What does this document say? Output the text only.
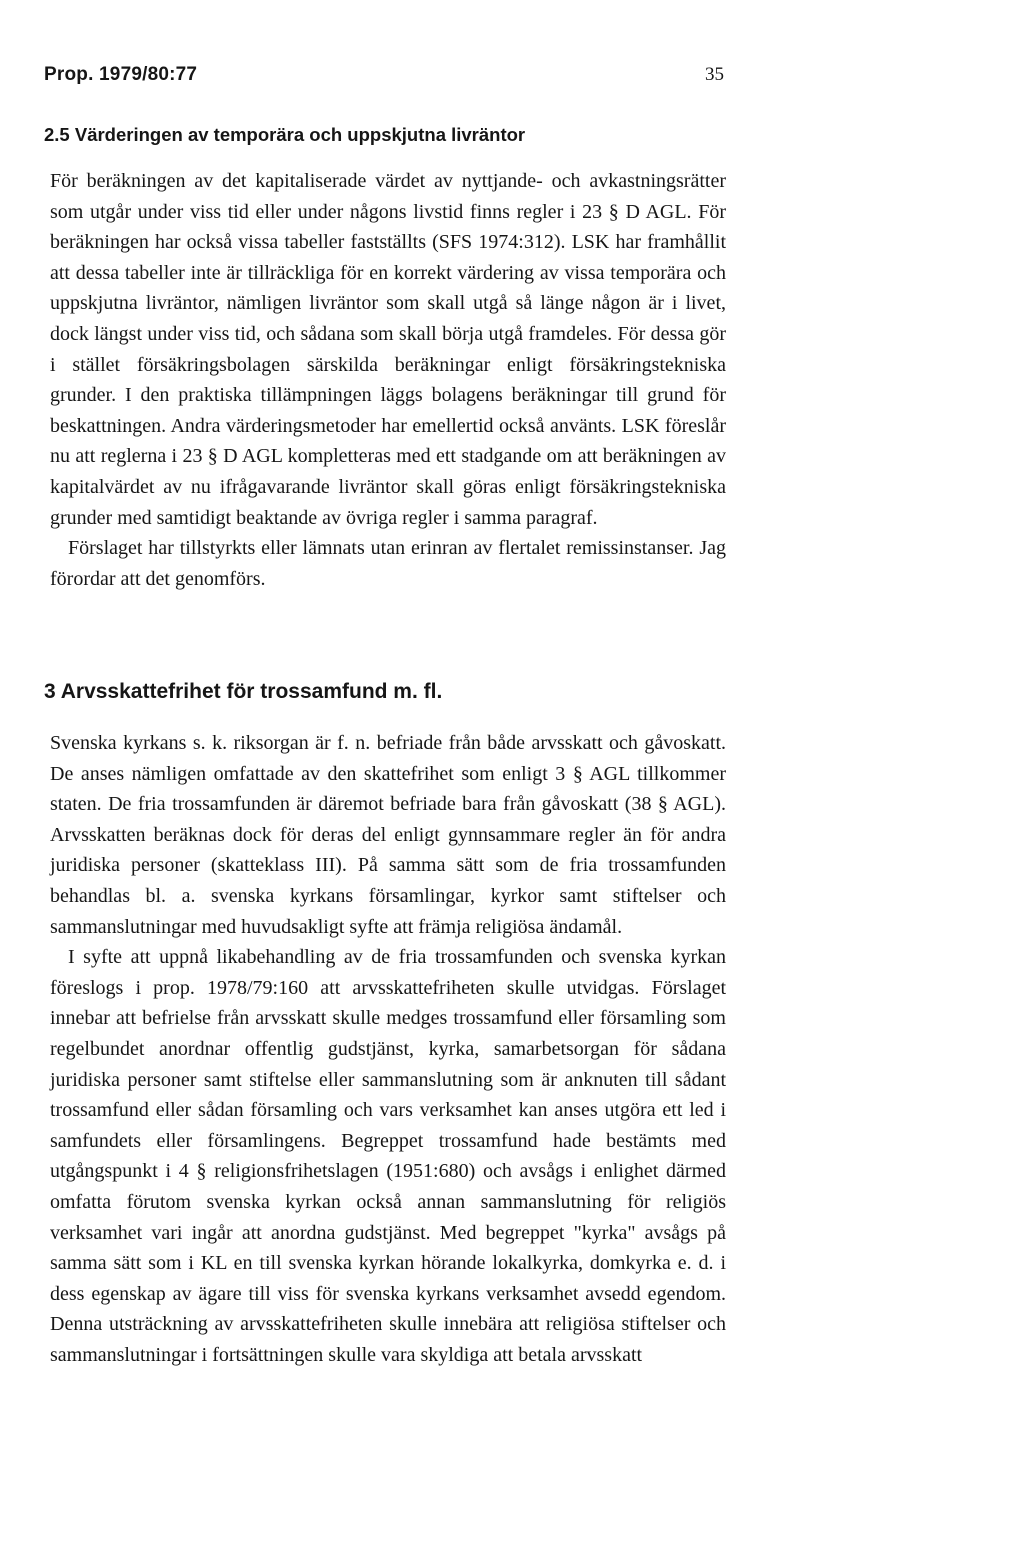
Prop. 1979/80:77	35
2.5 Värderingen av temporära och uppskjutna livräntor

För beräkningen av det kapitaliserade värdet av nyttjande- och avkastningsrätter som utgår under viss tid eller under någons livstid finns regler i 23 § D AGL. För beräkningen har också vissa tabeller fastställts (SFS 1974:312). LSK har framhållit att dessa tabeller inte är tillräckliga för en korrekt värdering av vissa temporära och uppskjutna livräntor, nämligen livräntor som skall utgå så länge någon är i livet, dock längst under viss tid, och sådana som skall börja utgå framdeles. För dessa gör i stället försäkringsbolagen särskilda beräkningar enligt försäkringstekniska grunder. I den praktiska tillämpningen läggs bolagens beräkningar till grund för beskattningen. Andra värderingsmetoder har emellertid också använts. LSK föreslår nu att reglerna i 23 § D AGL kompletteras med ett stadgande om att beräkningen av kapitalvärdet av nu ifrågavarande livräntor skall göras enligt försäkringstekniska grunder med samtidigt beaktande av övriga regler i samma paragraf.

Förslaget har tillstyrkts eller lämnats utan erinran av flertalet remissinstanser. Jag förordar att det genomförs.

3 Arvsskattefrihet för trossamfund m. fl.

Svenska kyrkans s. k. riksorgan är f. n. befriade från både arvsskatt och gåvoskatt. De anses nämligen omfattade av den skattefrihet som enligt 3 § AGL tillkommer staten. De fria trossamfunden är däremot befriade bara från gåvoskatt (38 § AGL). Arvsskatten beräknas dock för deras del enligt gynnsammare regler än för andra juridiska personer (skatteklass III). På samma sätt som de fria trossamfunden behandlas bl. a. svenska kyrkans församlingar, kyrkor samt stiftelser och sammanslutningar med huvudsakligt syfte att främja religiösa ändamål.

I syfte att uppnå likabehandling av de fria trossamfunden och svenska kyrkan föreslogs i prop. 1978/79:160 att arvsskattefriheten skulle utvidgas. Förslaget innebar att befrielse från arvsskatt skulle medges trossamfund eller församling som regelbundet anordnar offentlig gudstjänst, kyrka, samarbetsorgan för sådana juridiska personer samt stiftelse eller sammanslutning som är anknuten till sådant trossamfund eller sådan församling och vars verksamhet kan anses utgöra ett led i samfundets eller församlingens. Begreppet trossamfund hade bestämts med utgångspunkt i 4 § religionsfrihetslagen (1951:680) och avsågs i enlighet därmed omfatta förutom svenska kyrkan också annan sammanslutning för religiös verksamhet vari ingår att anordna gudstjänst. Med begreppet "kyrka" avsågs på samma sätt som i KL en till svenska kyrkan hörande lokalkyrka, domkyrka e. d. i dess egenskap av ägare till viss för svenska kyrkans verksamhet avsedd egendom. Denna utsträckning av arvsskattefriheten skulle innebära att religiösa stiftelser och sammanslutningar i fortsättningen skulle vara skyldiga att betala arvsskatt
